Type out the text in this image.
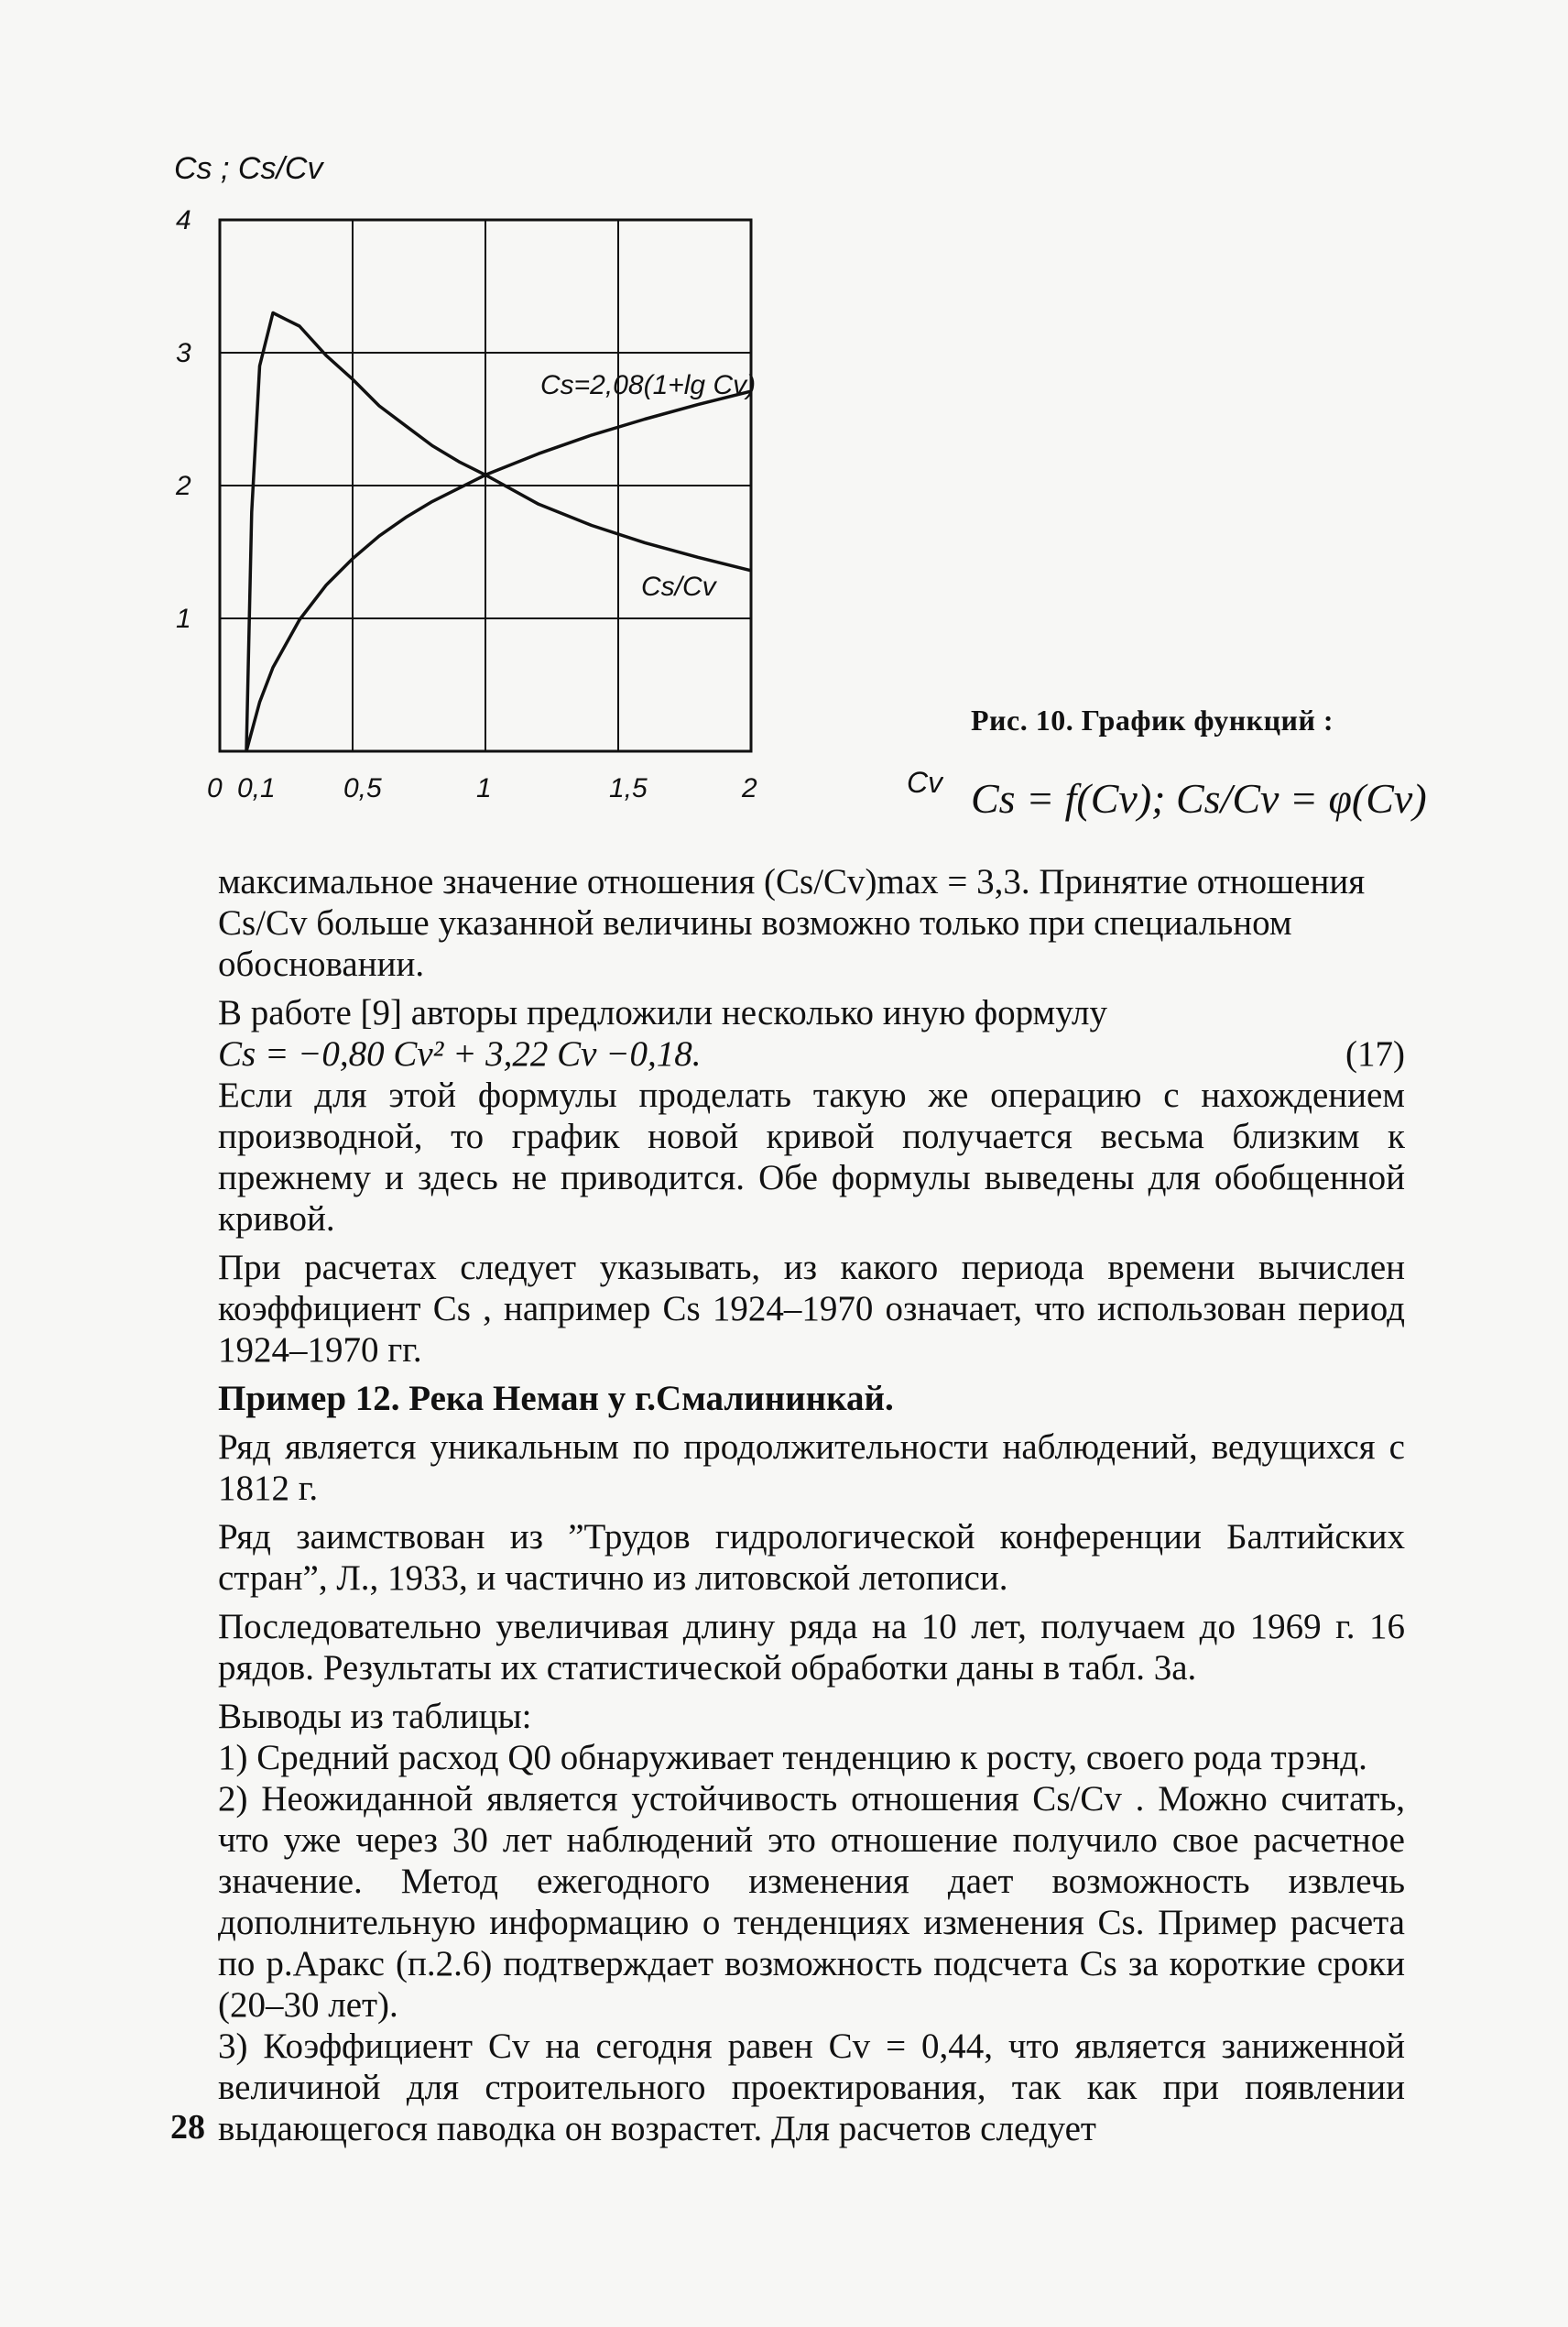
Cs ; Cs/Cv
0 0,1 0,5	1	1,5	2
1
2
3
4
Cs=2,08(1+lg Cv)
Cs/Cv
Cv
Рис. 10. График функций :
Cs = f(Cv); Cs/Cv = φ(Cv)

максимальное значение отношения (Cs/Cv)max = 3,3. Принятие отношения

Cs/Cv больше указанной величины возможно только при специальном

обосновании.

В работе [9] авторы предложили несколько иную формулу

Cs = −0,80 Cv² + 3,22 Cv −0,18.	(17)

Если для этой формулы проделать такую же операцию с нахождением производной, то график новой кривой получается весьма близким к прежнему и здесь не приводится. Обе формулы выведены для обобщенной кривой.

При расчетах следует указывать, из какого периода времени вычислен коэффициент Cs , например Cs 1924–1970 означает, что использован период 1924–1970 гг.

Пример 12. Река Неман у г.Смалининкай.

Ряд является уникальным по продолжительности наблюдений, ведущихся с 1812 г.

Ряд заимствован из ”Трудов гидрологической конференции Балтийских стран”, Л., 1933, и частично из литовской летописи.

Последовательно увеличивая длину ряда на 10 лет, получаем до 1969 г. 16 рядов. Результаты их статистической обработки даны в табл. 3а.

Выводы из таблицы:

1) Средний расход Q0 обнаруживает тенденцию к росту, своего рода трэнд.

2) Неожиданной является устойчивость отношения Cs/Cv . Можно считать, что уже через 30 лет наблюдений это отношение получило свое расчетное значение. Метод ежегодного изменения дает возможность извлечь дополнительную информацию о тенденциях изменения Cs. Пример расчета по р.Аракс (п.2.6) подтверждает возможность подсчета Cs за короткие сроки (20–30 лет).

3) Коэффициент Cv на сегодня равен Cv = 0,44, что является заниженной величиной для строительного проектирования, так как при появлении выдающегося паводка он возрастет. Для расчетов следует

28
